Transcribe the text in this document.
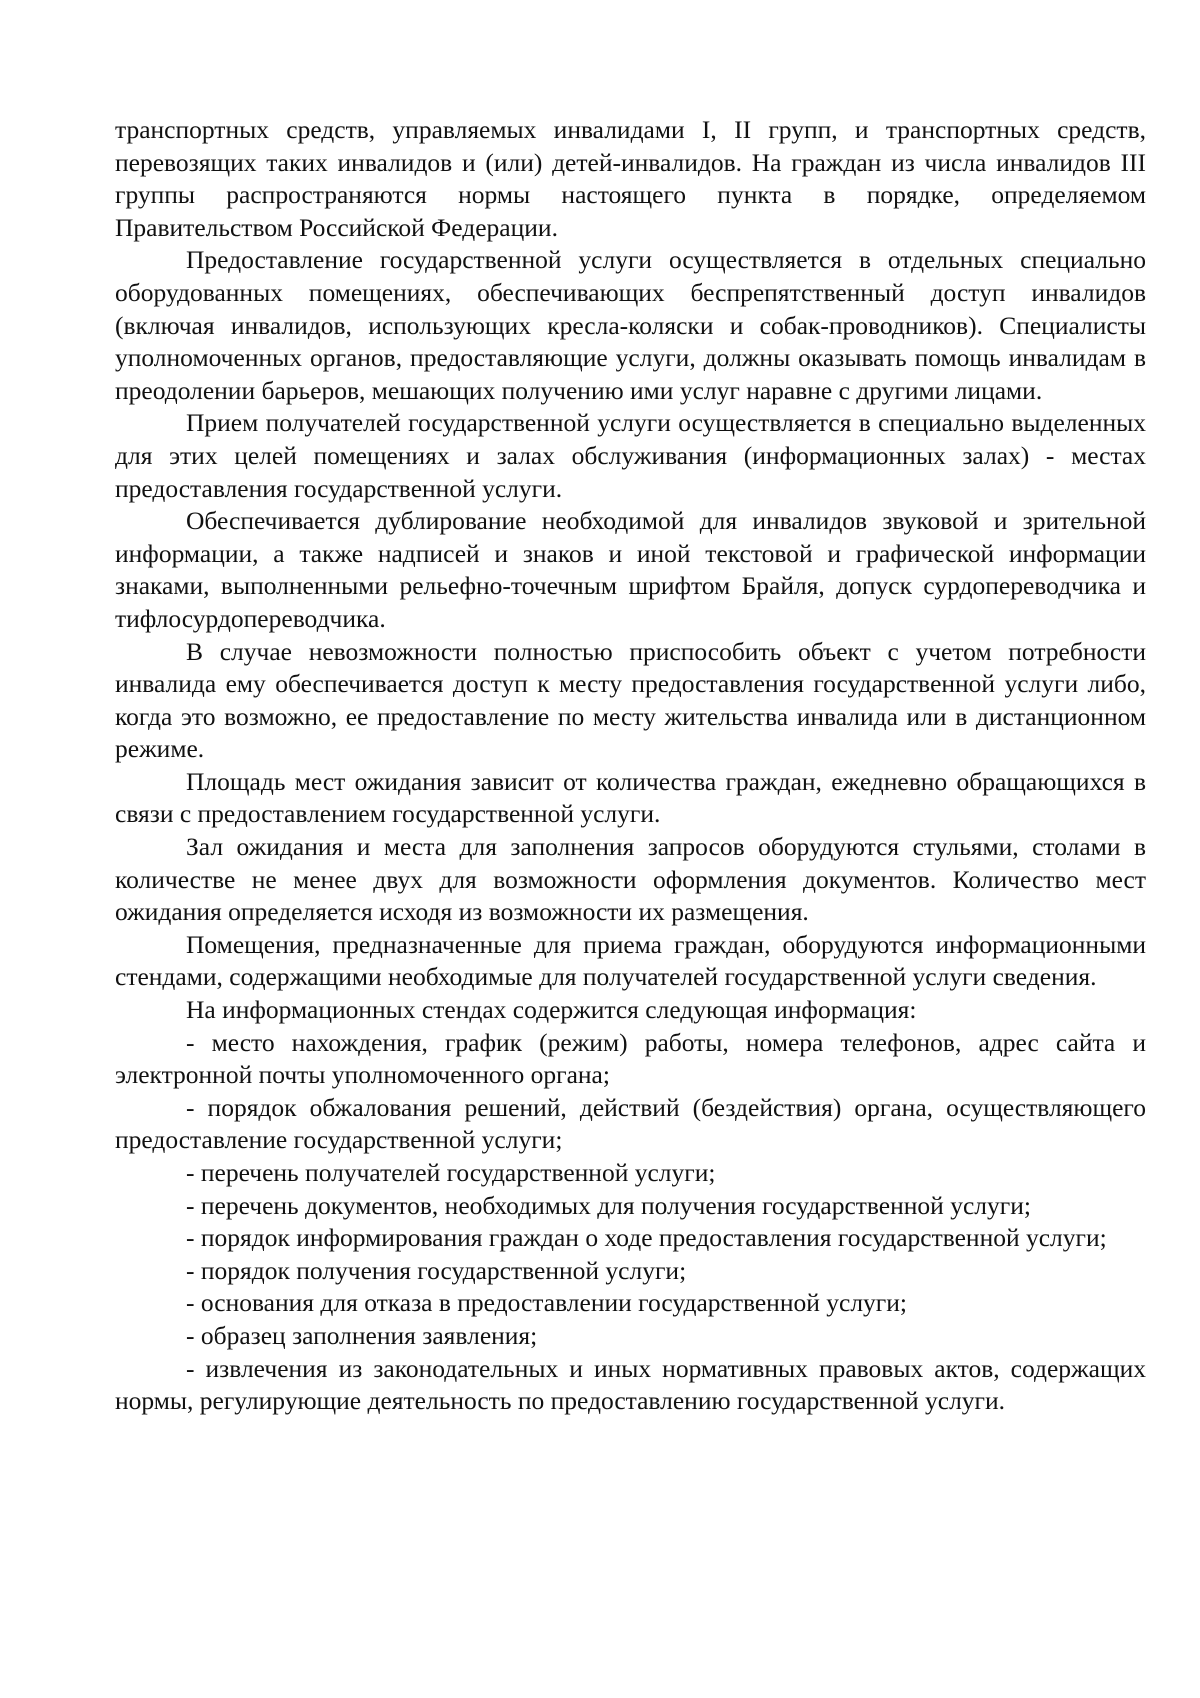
транспортных средств, управляемых инвалидами I, II групп, и транспортных средств, перевозящих таких инвалидов и (или) детей-инвалидов. На граждан из числа инвалидов III группы распространяются нормы настоящего пункта в порядке, определяемом Правительством Российской Федерации.

Предоставление государственной услуги осуществляется в отдельных специально оборудованных помещениях, обеспечивающих беспрепятственный доступ инвалидов (включая инвалидов, использующих кресла-коляски и собак-проводников). Специалисты уполномоченных органов, предоставляющие услуги, должны оказывать помощь инвалидам в преодолении барьеров, мешающих получению ими услуг наравне с другими лицами.

Прием получателей государственной услуги осуществляется в специально выделенных для этих целей помещениях и залах обслуживания (информационных залах) - местах предоставления государственной услуги.

Обеспечивается дублирование необходимой для инвалидов звуковой и зрительной информации, а также надписей и знаков и иной текстовой и графической информации знаками, выполненными рельефно-точечным шрифтом Брайля, допуск сурдопереводчика и тифлосурдопереводчика.

В случае невозможности полностью приспособить объект с учетом потребности инвалида ему обеспечивается доступ к месту предоставления государственной услуги либо, когда это возможно, ее предоставление по месту жительства инвалида или в дистанционном режиме.

Площадь мест ожидания зависит от количества граждан, ежедневно обращающихся в связи с предоставлением государственной услуги.

Зал ожидания и места для заполнения запросов оборудуются стульями, столами в количестве не менее двух для возможности оформления документов. Количество мест ожидания определяется исходя из возможности их размещения.

Помещения, предназначенные для приема граждан, оборудуются информационными стендами, содержащими необходимые для получателей государственной услуги сведения.

На информационных стендах содержится следующая информация:

- место нахождения, график (режим) работы, номера телефонов, адрес сайта и электронной почты уполномоченного органа;

- порядок обжалования решений, действий (бездействия) органа, осуществляющего предоставление государственной услуги;

- перечень получателей государственной услуги;

- перечень документов, необходимых для получения государственной услуги;

- порядок информирования граждан о ходе предоставления государственной услуги;

- порядок получения государственной услуги;

- основания для отказа в предоставлении государственной услуги;

- образец заполнения заявления;

- извлечения из законодательных и иных нормативных правовых актов, содержащих нормы, регулирующие деятельность по предоставлению государственной услуги.
